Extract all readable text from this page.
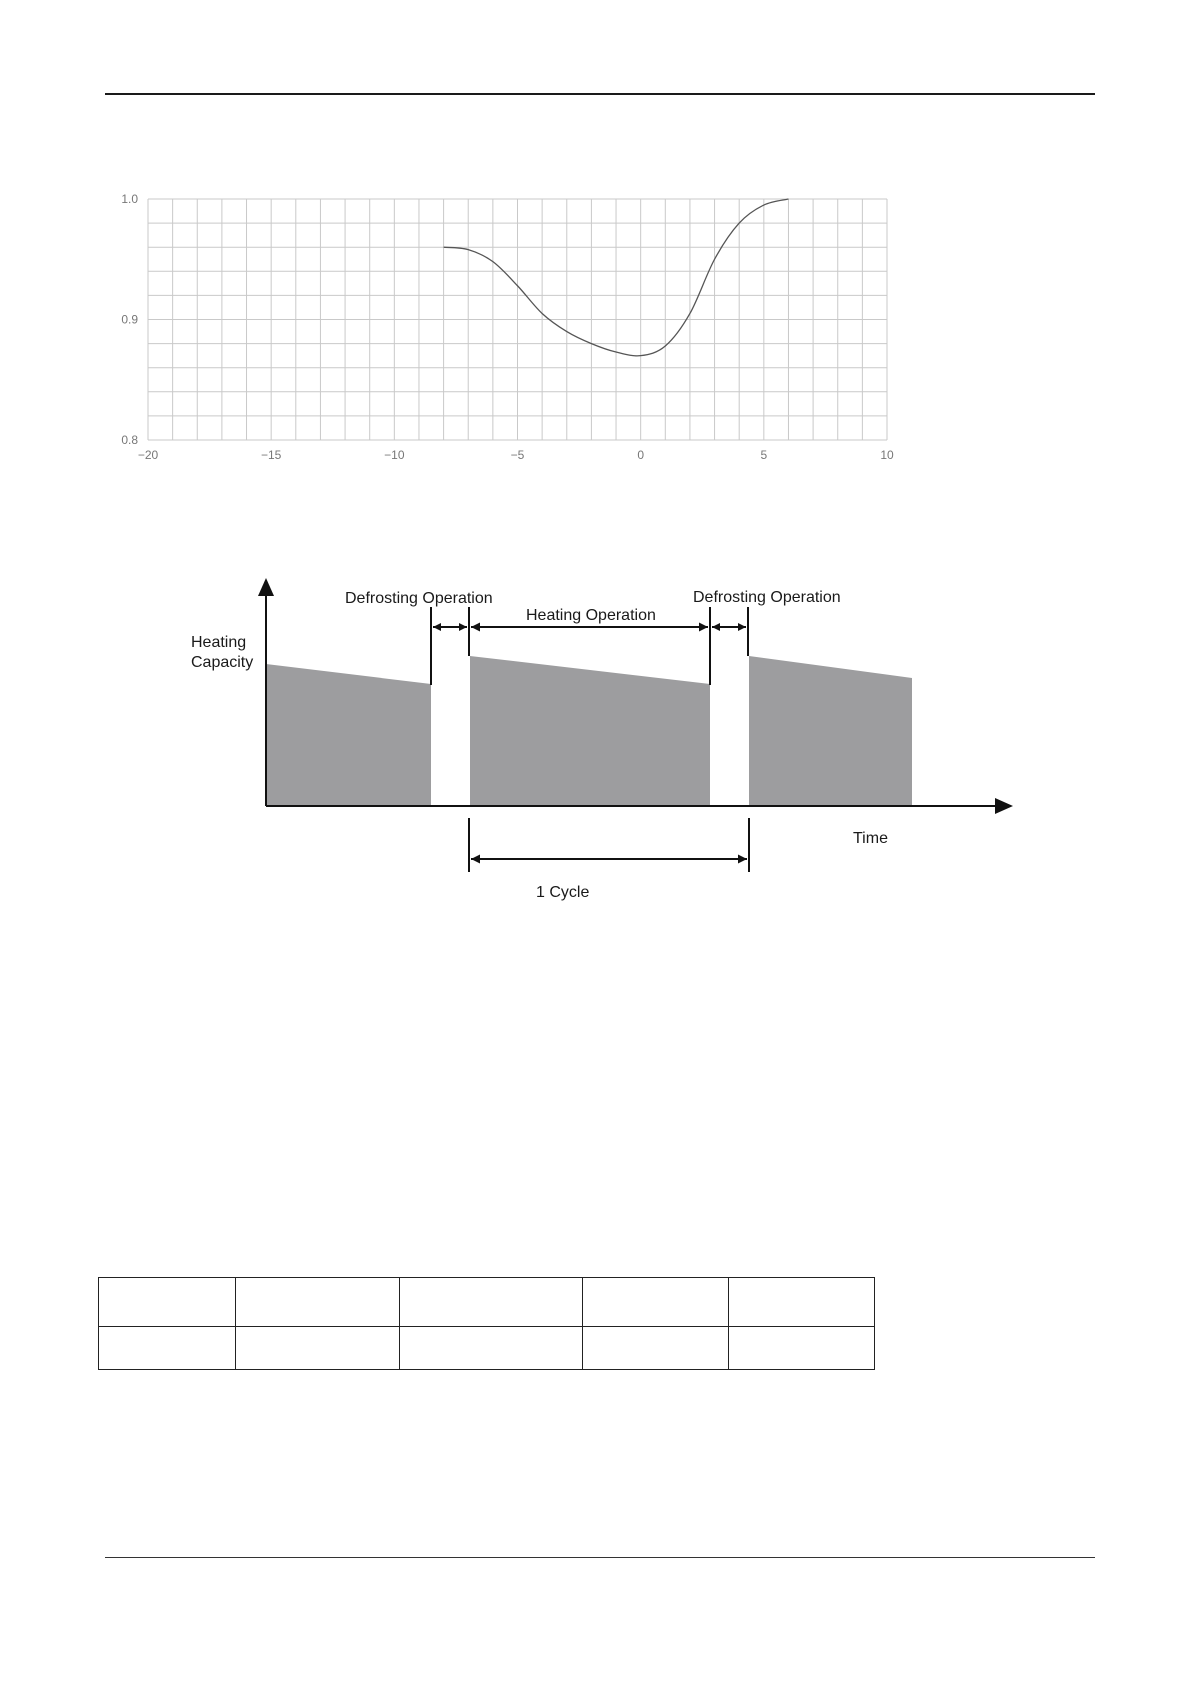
1.0
0.9
0.8
−20	−15	−10	−5	0	5	10
Heating
Capacity
Defrosting Operation
Heating Operation
Defrosting Operation
Time
1 Cycle
